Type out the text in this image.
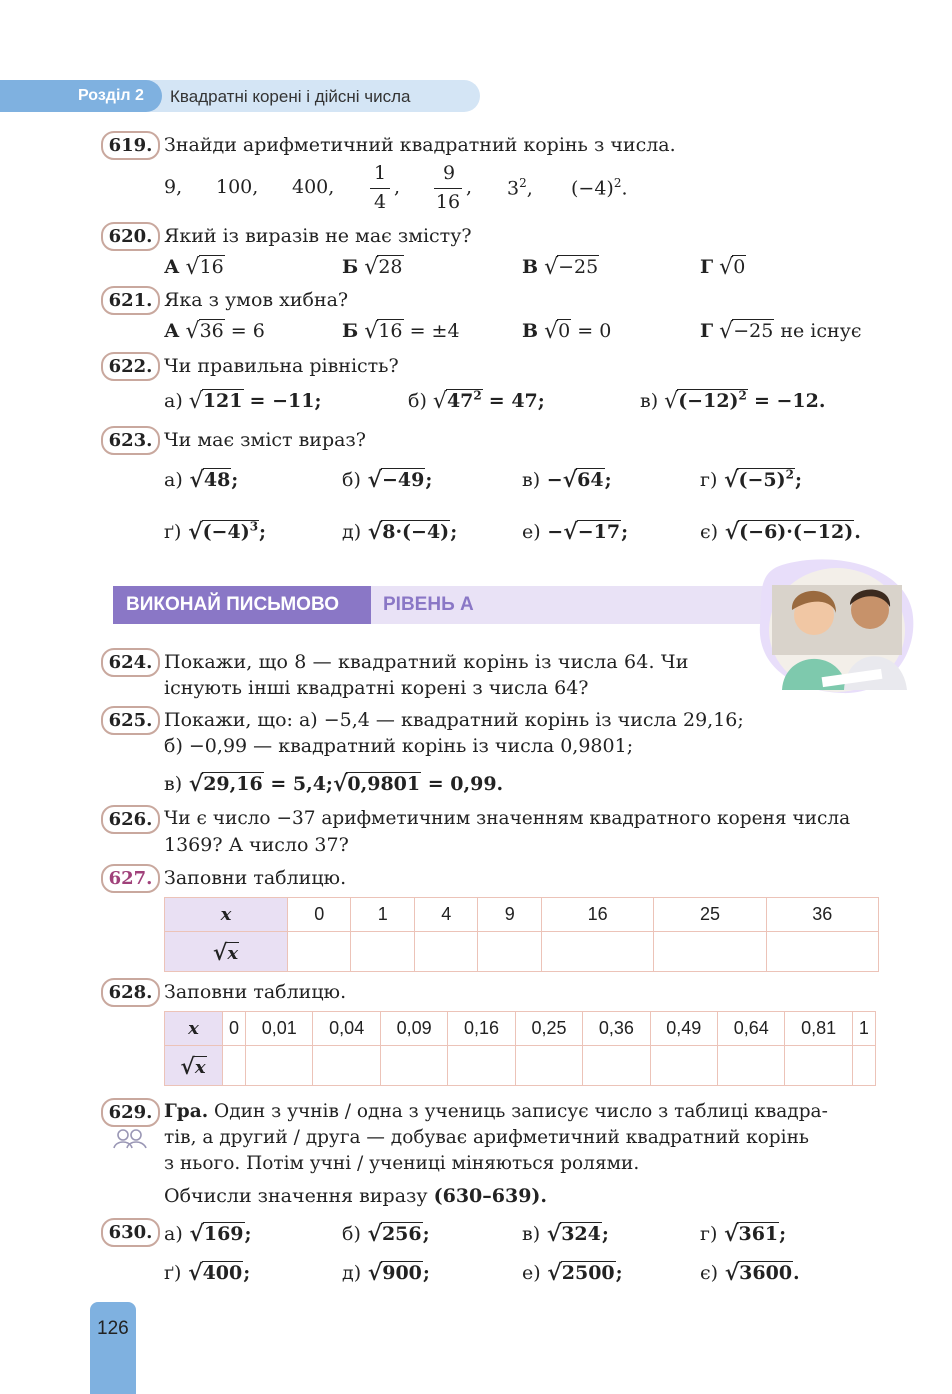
Розділ 2 Квадратні корені і дійсні числа
619. Знайди арифметичний квадратний корінь з числа.
9, 100, 400,
1
4
,
9
16
, $3^2$, $(-4)^2$.
620. Який із виразів не має змісту?
А √16	Б √28	В √−25	Г √0
621. Яка з умов хибна?
А √36 = 6	Б √16 = ±4	В √0 = 0	Г √−25 не існує
622. Чи правильна рівність?
а) √121 = −11;	б) $√47^2 = 47$;	в) $√(-12)^2 = -12$.
623. Чи має зміст вираз?
а) √48;	б) √−49;	в) −√64;	г) $√(-5)^2$;
ґ) $√(-4)^3$;	д) √8·(−4);	е) −√−17;	є) √(−6)·(−12).
ВИКОНАЙ ПИСЬМОВО РІВЕНЬ А
624. Покажи, що 8 — квадратний корінь із числа 64. Чи
існують інші квадратні корені з числа 64?
625. Покажи, що: а) −5,4 — квадратний корінь із числа 29,16;
б) −0,99 — квадратний корінь із числа 0,9801;
в) √29,16 = 5,4;√0,9801 = 0,99.
626. Чи є число −37 арифметичним значенням квадратного кореня числа
1369? А число 37?
627. Заповни таблицю.
x	0	1	4	9	16	25	36
√x							
628. Заповни таблицю.
x	0	0,01	0,04	0,09	0,16	0,25	0,36	0,49	0,64	0,81	1
√x											
629. Гра. Один з учнів / одна з учениць записує число з таблиці квадра-
тів, а другий / друга — добуває арифметичний квадратний корінь
з нього. Потім учні / учениці міняються ролями.
Обчисли значення виразу (630–639).
630. а) √169;	б) √256;	в) √324;	г) √361;
ґ) √400;	д) √900;	е) √2500;	є) √3600.
126
